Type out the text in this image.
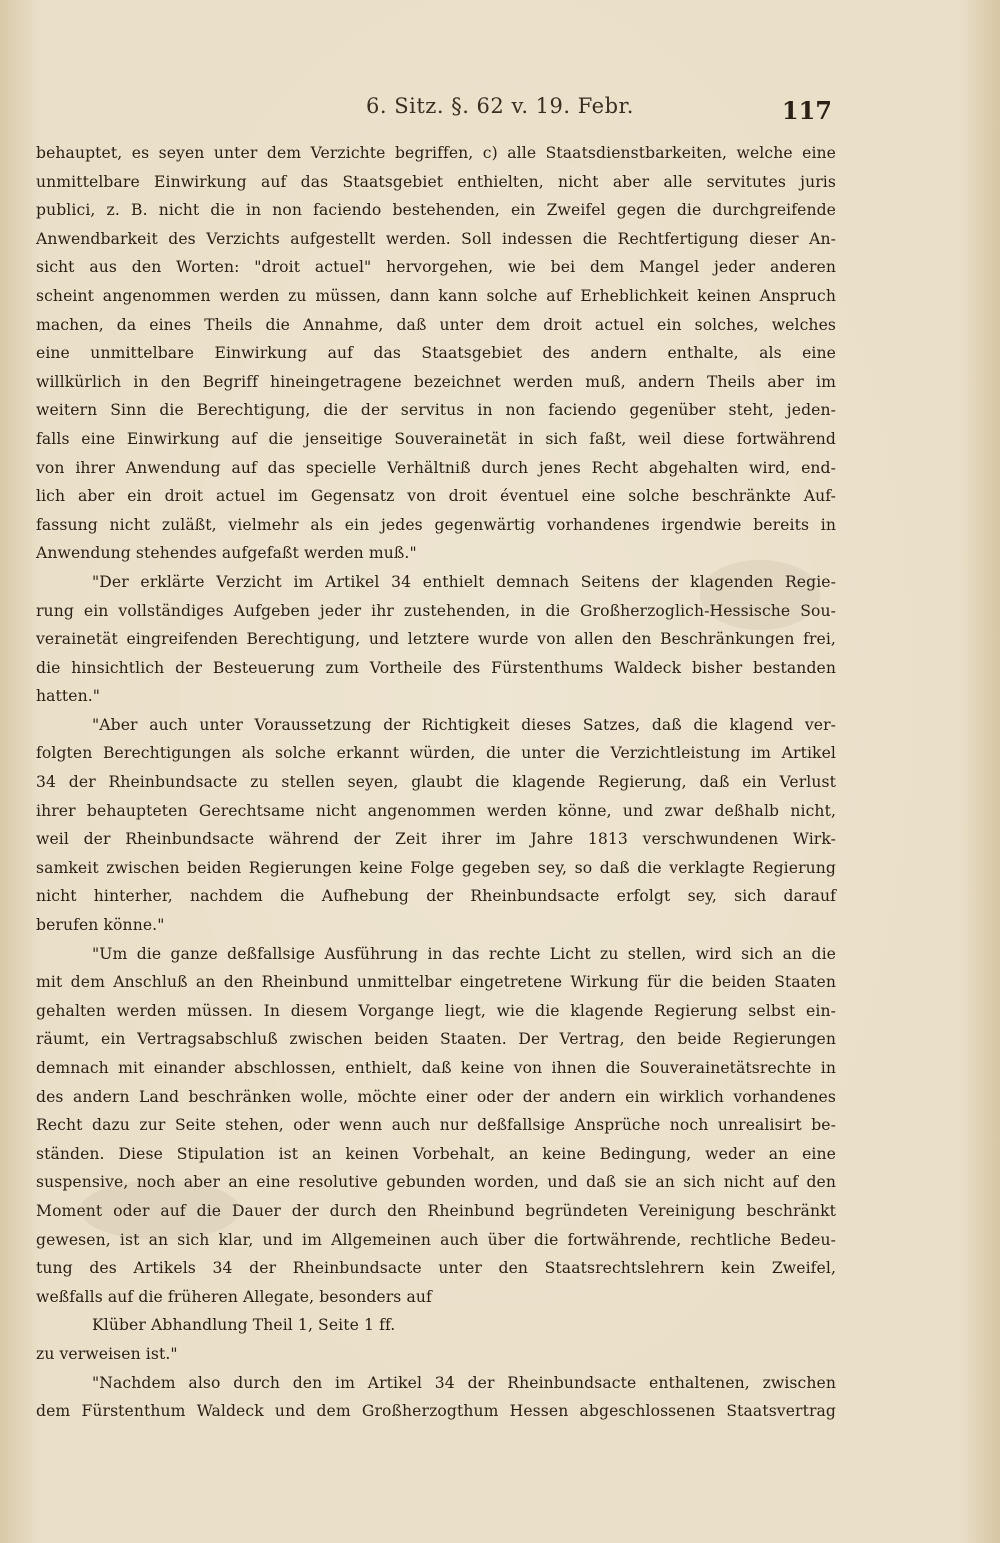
6. Sitz. §. 62 v. 19. Febr.	117
behauptet, es seyen unter dem Verzichte begriffen, c) alle Staatsdienstbarkeiten, welche eine
unmittelbare Einwirkung auf das Staatsgebiet enthielten, nicht aber alle servitutes juris
publici, z. B. nicht die in non faciendo bestehenden, ein Zweifel gegen die durchgreifende
Anwendbarkeit des Verzichts aufgestellt werden. Soll indessen die Rechtfertigung dieser An-
sicht aus den Worten: "droit actuel" hervorgehen, wie bei dem Mangel jeder anderen
scheint angenommen werden zu müssen, dann kann solche auf Erheblichkeit keinen Anspruch
machen, da eines Theils die Annahme, daß unter dem droit actuel ein solches, welches
eine unmittelbare Einwirkung auf das Staatsgebiet des andern enthalte, als eine
willkürlich in den Begriff hineingetragene bezeichnet werden muß, andern Theils aber im
weitern Sinn die Berechtigung, die der servitus in non faciendo gegenüber steht, jeden-
falls eine Einwirkung auf die jenseitige Souverainetät in sich faßt, weil diese fortwährend
von ihrer Anwendung auf das specielle Verhältniß durch jenes Recht abgehalten wird, end-
lich aber ein droit actuel im Gegensatz von droit éventuel eine solche beschränkte Auf-
fassung nicht zuläßt, vielmehr als ein jedes gegenwärtig vorhandenes irgendwie bereits in
Anwendung stehendes aufgefaßt werden muß."
"Der erklärte Verzicht im Artikel 34 enthielt demnach Seitens der klagenden Regie-
rung ein vollständiges Aufgeben jeder ihr zustehenden, in die Großherzoglich-Hessische Sou-
verainetät eingreifenden Berechtigung, und letztere wurde von allen den Beschränkungen frei,
die hinsichtlich der Besteuerung zum Vortheile des Fürstenthums Waldeck bisher bestanden
hatten."
"Aber auch unter Voraussetzung der Richtigkeit dieses Satzes, daß die klagend ver-
folgten Berechtigungen als solche erkannt würden, die unter die Verzichtleistung im Artikel
34 der Rheinbundsacte zu stellen seyen, glaubt die klagende Regierung, daß ein Verlust
ihrer behaupteten Gerechtsame nicht angenommen werden könne, und zwar deßhalb nicht,
weil der Rheinbundsacte während der Zeit ihrer im Jahre 1813 verschwundenen Wirk-
samkeit zwischen beiden Regierungen keine Folge gegeben sey, so daß die verklagte Regierung
nicht hinterher, nachdem die Aufhebung der Rheinbundsacte erfolgt sey, sich darauf
berufen könne."
"Um die ganze deßfallsige Ausführung in das rechte Licht zu stellen, wird sich an die
mit dem Anschluß an den Rheinbund unmittelbar eingetretene Wirkung für die beiden Staaten
gehalten werden müssen. In diesem Vorgange liegt, wie die klagende Regierung selbst ein-
räumt, ein Vertragsabschluß zwischen beiden Staaten. Der Vertrag, den beide Regierungen
demnach mit einander abschlossen, enthielt, daß keine von ihnen die Souverainetätsrechte in
des andern Land beschränken wolle, möchte einer oder der andern ein wirklich vorhandenes
Recht dazu zur Seite stehen, oder wenn auch nur deßfallsige Ansprüche noch unrealisirt be-
ständen. Diese Stipulation ist an keinen Vorbehalt, an keine Bedingung, weder an eine
suspensive, noch aber an eine resolutive gebunden worden, und daß sie an sich nicht auf den
Moment oder auf die Dauer der durch den Rheinbund begründeten Vereinigung beschränkt
gewesen, ist an sich klar, und im Allgemeinen auch über die fortwährende, rechtliche Bedeu-
tung des Artikels 34 der Rheinbundsacte unter den Staatsrechtslehrern kein Zweifel,
weßfalls auf die früheren Allegate, besonders auf
Klüber Abhandlung Theil 1, Seite 1 ff.
zu verweisen ist."
"Nachdem also durch den im Artikel 34 der Rheinbundsacte enthaltenen, zwischen
dem Fürstenthum Waldeck und dem Großherzogthum Hessen abgeschlossenen Staatsvertrag
